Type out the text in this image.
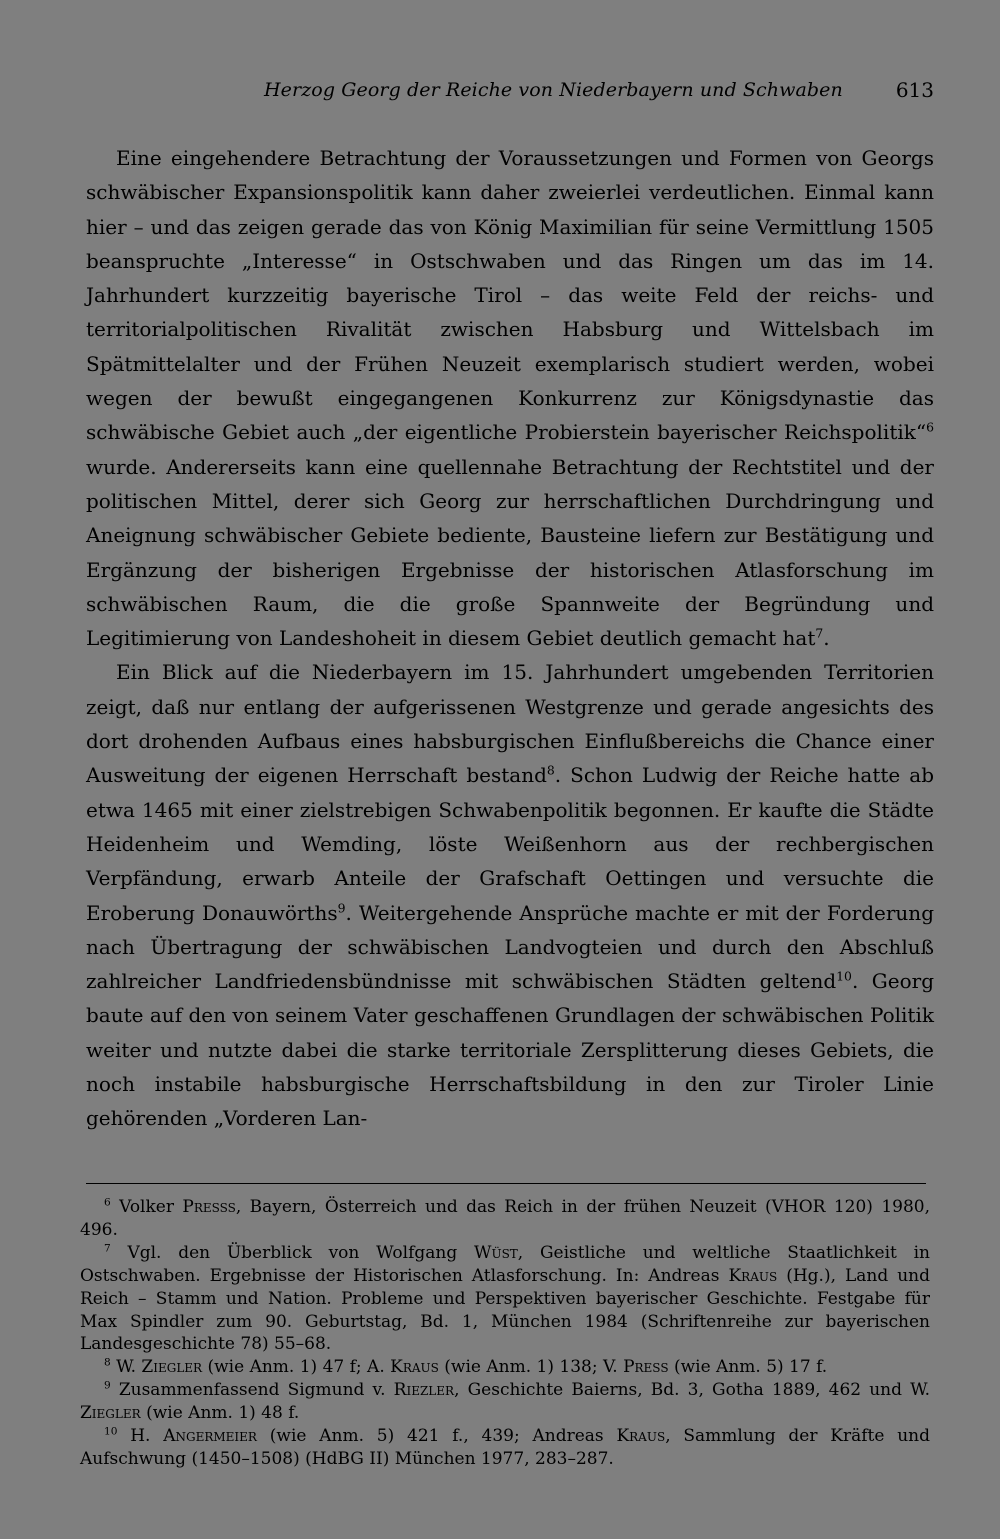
Herzog Georg der Reiche von Niederbayern und Schwaben	613

Eine eingehendere Betrachtung der Voraussetzungen und Formen von Georgs schwäbischer Expansionspolitik kann daher zweierlei verdeutlichen. Einmal kann hier – und das zeigen gerade das von König Maximilian für seine Vermittlung 1505 beanspruchte „Interesse“ in Ostschwaben und das Ringen um das im 14. Jahrhundert kurzzeitig bayerische Tirol – das weite Feld der reichs- und territorialpolitischen Rivalität zwischen Habsburg und Wittelsbach im Spätmittelalter und der Frühen Neuzeit exemplarisch studiert werden, wobei wegen der bewußt eingegangenen Konkurrenz zur Königsdynastie das schwäbische Gebiet auch „der eigentliche Probierstein bayerischer Reichspolitik“$^6$ wurde. Andererseits kann eine quellennahe Betrachtung der Rechtstitel und der politischen Mittel, derer sich Georg zur herrschaftlichen Durchdringung und Aneignung schwäbischer Gebiete bediente, Bausteine liefern zur Bestätigung und Ergänzung der bisherigen Ergebnisse der historischen Atlasforschung im schwäbischen Raum, die die große Spannweite der Begründung und Legitimierung von Landeshoheit in diesem Gebiet deutlich gemacht hat$^7$.

Ein Blick auf die Niederbayern im 15. Jahrhundert umgebenden Territorien zeigt, daß nur entlang der aufgerissenen Westgrenze und gerade angesichts des dort drohenden Aufbaus eines habsburgischen Einflußbereichs die Chance einer Ausweitung der eigenen Herrschaft bestand$^8$. Schon Ludwig der Reiche hatte ab etwa 1465 mit einer zielstrebigen Schwabenpolitik begonnen. Er kaufte die Städte Heidenheim und Wemding, löste Weißenhorn aus der rechbergischen Verpfändung, erwarb Anteile der Grafschaft Oettingen und versuchte die Eroberung Donauwörths$^9$. Weitergehende Ansprüche machte er mit der Forderung nach Übertragung der schwäbischen Landvogteien und durch den Abschluß zahlreicher Landfriedensbündnisse mit schwäbischen Städten geltend$^{10}$. Georg baute auf den von seinem Vater geschaffenen Grundlagen der schwäbischen Politik weiter und nutzte dabei die starke territoriale Zersplitterung dieses Gebiets, die noch instabile habsburgische Herrschaftsbildung in den zur Tiroler Linie gehörenden „Vorderen Lan-

$^6$ Volker Presss, Bayern, Österreich und das Reich in der frühen Neuzeit (VHOR 120) 1980, 496.

$^7$ Vgl. den Überblick von Wolfgang Wüst, Geistliche und weltliche Staatlichkeit in Ostschwaben. Ergebnisse der Historischen Atlasforschung. In: Andreas Kraus (Hg.), Land und Reich – Stamm und Nation. Probleme und Perspektiven bayerischer Geschichte. Festgabe für Max Spindler zum 90. Geburtstag, Bd. 1, München 1984 (Schriftenreihe zur bayerischen Landesgeschichte 78) 55–68.

$^8$ W. Ziegler (wie Anm. 1) 47 f; A. Kraus (wie Anm. 1) 138; V. Press (wie Anm. 5) 17 f.

$^9$ Zusammenfassend Sigmund v. Riezler, Geschichte Baierns, Bd. 3, Gotha 1889, 462 und W. Ziegler (wie Anm. 1) 48 f.

$^{10}$ H. Angermeier (wie Anm. 5) 421 f., 439; Andreas Kraus, Sammlung der Kräfte und Aufschwung (1450–1508) (HdBG II) München 1977, 283–287.
